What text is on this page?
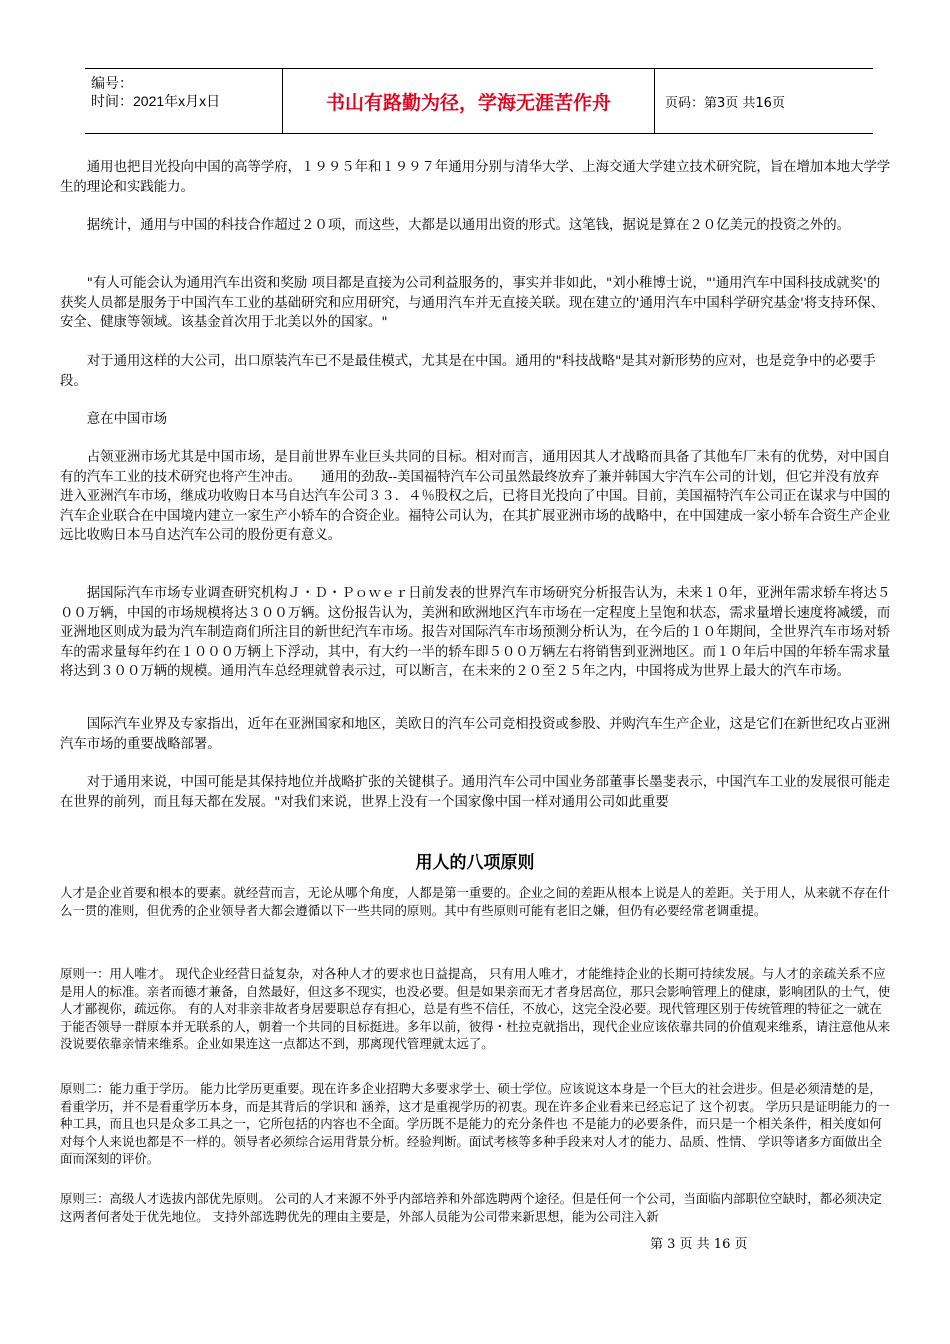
编号：
时间：2021年x月x日	书山有路勤为径，学海无涯苦作舟	页码：第3页 共16页

通用也把目光投向中国的高等学府，１９９５年和１９９７年通用分别与清华大学、上海交通大学建立技术研究院，旨在增加本地大学学生的理论和实践能力。

据统计，通用与中国的科技合作超过２０项，而这些，大都是以通用出资的形式。这笔钱，据说是算在２０亿美元的投资之外的。

"有人可能会认为通用汽车出资和奖励 项目都是直接为公司利益服务的，事实并非如此，"刘小稚博士说，"'通用汽车中国科技成就奖'的获奖人员都是服务于中国汽车工业的基础研究和应用研究，与通用汽车并无直接关联。现在建立的'通用汽车中国科学研究基金'将支持环保、安全、健康等领域。该基金首次用于北美以外的国家。"

对于通用这样的大公司，出口原装汽车已不是最佳模式，尤其是在中国。通用的"科技战略"是其对新形势的应对，也是竞争中的必要手段。

意在中国市场

占领亚洲市场尤其是中国市场，是目前世界车业巨头共同的目标。相对而言，通用因其人才战略而具备了其他车厂未有的优势，对中国自有的汽车工业的技术研究也将产生冲击。　　通用的劲敌--美国福特汽车公司虽然最终放弃了兼并韩国大宇汽车公司的计划，但它并没有放弃进入亚洲汽车市场，继成功收购日本马自达汽车公司３３．４％股权之后，已将目光投向了中国。目前，美国福特汽车公司正在谋求与中国的汽车企业联合在中国境内建立一家生产小轿车的合资企业。福特公司认为，在其扩展亚洲市场的战略中，在中国建成一家小轿车合资生产企业远比收购日本马自达汽车公司的股份更有意义。

据国际汽车市场专业调查研究机构Ｊ・Ｄ・Ｐｏｗｅｒ日前发表的世界汽车市场研究分析报告认为，未来１０年，亚洲年需求轿车将达５００万辆，中国的市场规模将达３００万辆。这份报告认为，美洲和欧洲地区汽车市场在一定程度上呈饱和状态，需求量增长速度将减缓，而亚洲地区则成为最为汽车制造商们所注目的新世纪汽车市场。报告对国际汽车市场预测分析认为，在今后的１０年期间，全世界汽车市场对轿车的需求量每年约在１０００万辆上下浮动，其中，有大约一半的轿车即５００万辆左右将销售到亚洲地区。而１０年后中国的年轿车需求量将达到３００万辆的规模。通用汽车总经理就曾表示过，可以断言，在未来的２０至２５年之内，中国将成为世界上最大的汽车市场。

国际汽车业界及专家指出，近年在亚洲国家和地区，美欧日的汽车公司竞相投资或参股、并购汽车生产企业，这是它们在新世纪攻占亚洲汽车市场的重要战略部署。

对于通用来说，中国可能是其保持地位并战略扩张的关键棋子。通用汽车公司中国业务部董事长墨斐表示，中国汽车工业的发展很可能走在世界的前列，而且每天都在发展。"对我们来说，世界上没有一个国家像中国一样对通用公司如此重要

用人的八项原则

人才是企业首要和根本的要素。就经营而言，无论从哪个角度，人都是第一重要的。企业之间的差距从根本上说是人的差距。关于用人，从来就不存在什么一贯的准则，但优秀的企业领导者大都会遵循以下一些共同的原则。其中有些原则可能有老旧之嫌，但仍有必要经常老调重提。

原则一：用人唯才。 现代企业经营日益复杂，对各种人才的要求也日益提高， 只有用人唯才，才能维持企业的长期可持续发展。与人才的亲疏关系不应是用人的标准。亲者而德才兼备，自然最好，但这多不现实，也没必要。但是如果亲而无才者身居高位，那只会影响管理上的健康，影响团队的士气，使人才鄙视你，疏远你。 有的人对非亲非故者身居要职总存有担心，总是有些不信任，不放心，这完全没必要。现代管理区别于传统管理的特征之一就在于能否领导一群原本并无联系的人，朝着一个共同的目标挺进。多年以前，彼得・杜拉克就指出，现代企业应该依靠共同的价值观来维系，请注意他从来没说要依靠亲情来维系。企业如果连这一点都达不到，那离现代管理就太远了。

原则二：能力重于学历。 能力比学历更重要。现在许多企业招聘大多要求学士、硕士学位。应该说这本身是一个巨大的社会进步。但是必须清楚的是，看重学历，并不是看重学历本身，而是其背后的学识和 涵养，这才是重视学历的初衷。现在许多企业看来已经忘记了 这个初衷。 学历只是证明能力的一种工具，而且也只是众多工具之一，它所包括的内容也不全面。学历既不是能力的充分条件也 不是能力的必要条件，而只是一个相关条件，相关度如何对每个人来说也都是不一样的。领导者必须综合运用背景分析。经验判断。面试考核等多种手段来对人才的能力、品质、性情、 学识等诸多方面做出全面而深刻的评价。

原则三：高级人才选拔内部优先原则。 公司的人才来源不外乎内部培养和外部选聘两个途径。但是任何一个公司，当面临内部职位空缺时，都必须决定这两者何者处于优先地位。 支持外部选聘优先的理由主要是，外部人员能为公司带来新思想，能为公司注入新

第 3 页 共 16 页
